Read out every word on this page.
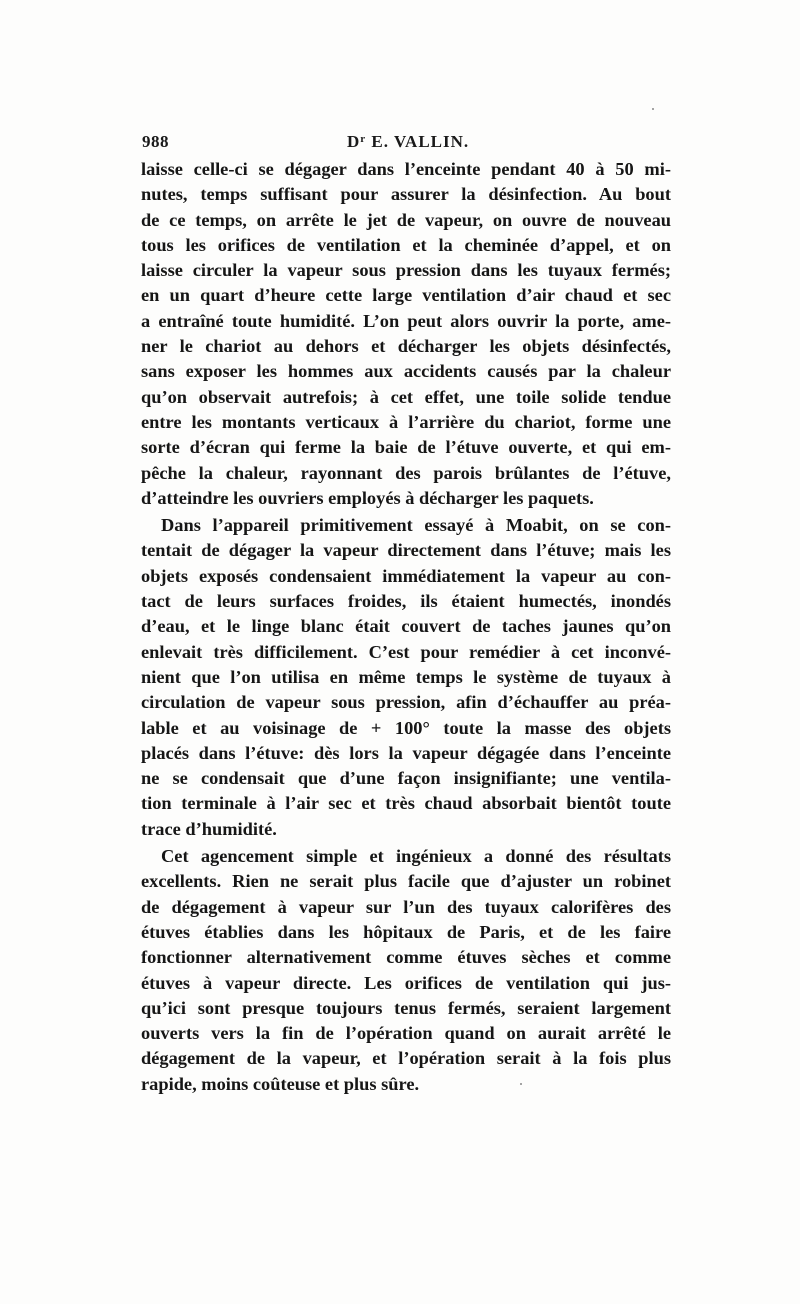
988	$D^r$ E. VALLIN.
laisse celle-ci se dégager dans l’enceinte pendant 40 à 50 mi-
nutes, temps suffisant pour assurer la désinfection. Au bout
de ce temps, on arrête le jet de vapeur, on ouvre de nouveau
tous les orifices de ventilation et la cheminée d’appel, et on
laisse circuler la vapeur sous pression dans les tuyaux fermés;
en un quart d’heure cette large ventilation d’air chaud et sec
a entraîné toute humidité. L’on peut alors ouvrir la porte, ame-
ner le chariot au dehors et décharger les objets désinfectés,
sans exposer les hommes aux accidents causés par la chaleur
qu’on observait autrefois; à cet effet, une toile solide tendue
entre les montants verticaux à l’arrière du chariot, forme une
sorte d’écran qui ferme la baie de l’étuve ouverte, et qui em-
pêche la chaleur, rayonnant des parois brûlantes de l’étuve,
d’atteindre les ouvriers employés à décharger les paquets.
Dans l’appareil primitivement essayé à Moabit, on se con-
tentait de dégager la vapeur directement dans l’étuve; mais les
objets exposés condensaient immédiatement la vapeur au con-
tact de leurs surfaces froides, ils étaient humectés, inondés
d’eau, et le linge blanc était couvert de taches jaunes qu’on
enlevait très difficilement. C’est pour remédier à cet inconvé-
nient que l’on utilisa en même temps le système de tuyaux à
circulation de vapeur sous pression, afin d’échauffer au préa-
lable et au voisinage de + 100° toute la masse des objets
placés dans l’étuve: dès lors la vapeur dégagée dans l’enceinte
ne se condensait que d’une façon insignifiante; une ventila-
tion terminale à l’air sec et très chaud absorbait bientôt toute
trace d’humidité.
Cet agencement simple et ingénieux a donné des résultats
excellents. Rien ne serait plus facile que d’ajuster un robinet
de dégagement à vapeur sur l’un des tuyaux calorifères des
étuves établies dans les hôpitaux de Paris, et de les faire
fonctionner alternativement comme étuves sèches et comme
étuves à vapeur directe. Les orifices de ventilation qui jus-
qu’ici sont presque toujours tenus fermés, seraient largement
ouverts vers la fin de l’opération quand on aurait arrêté le
dégagement de la vapeur, et l’opération serait à la fois plus
rapide, moins coûteuse et plus sûre.
